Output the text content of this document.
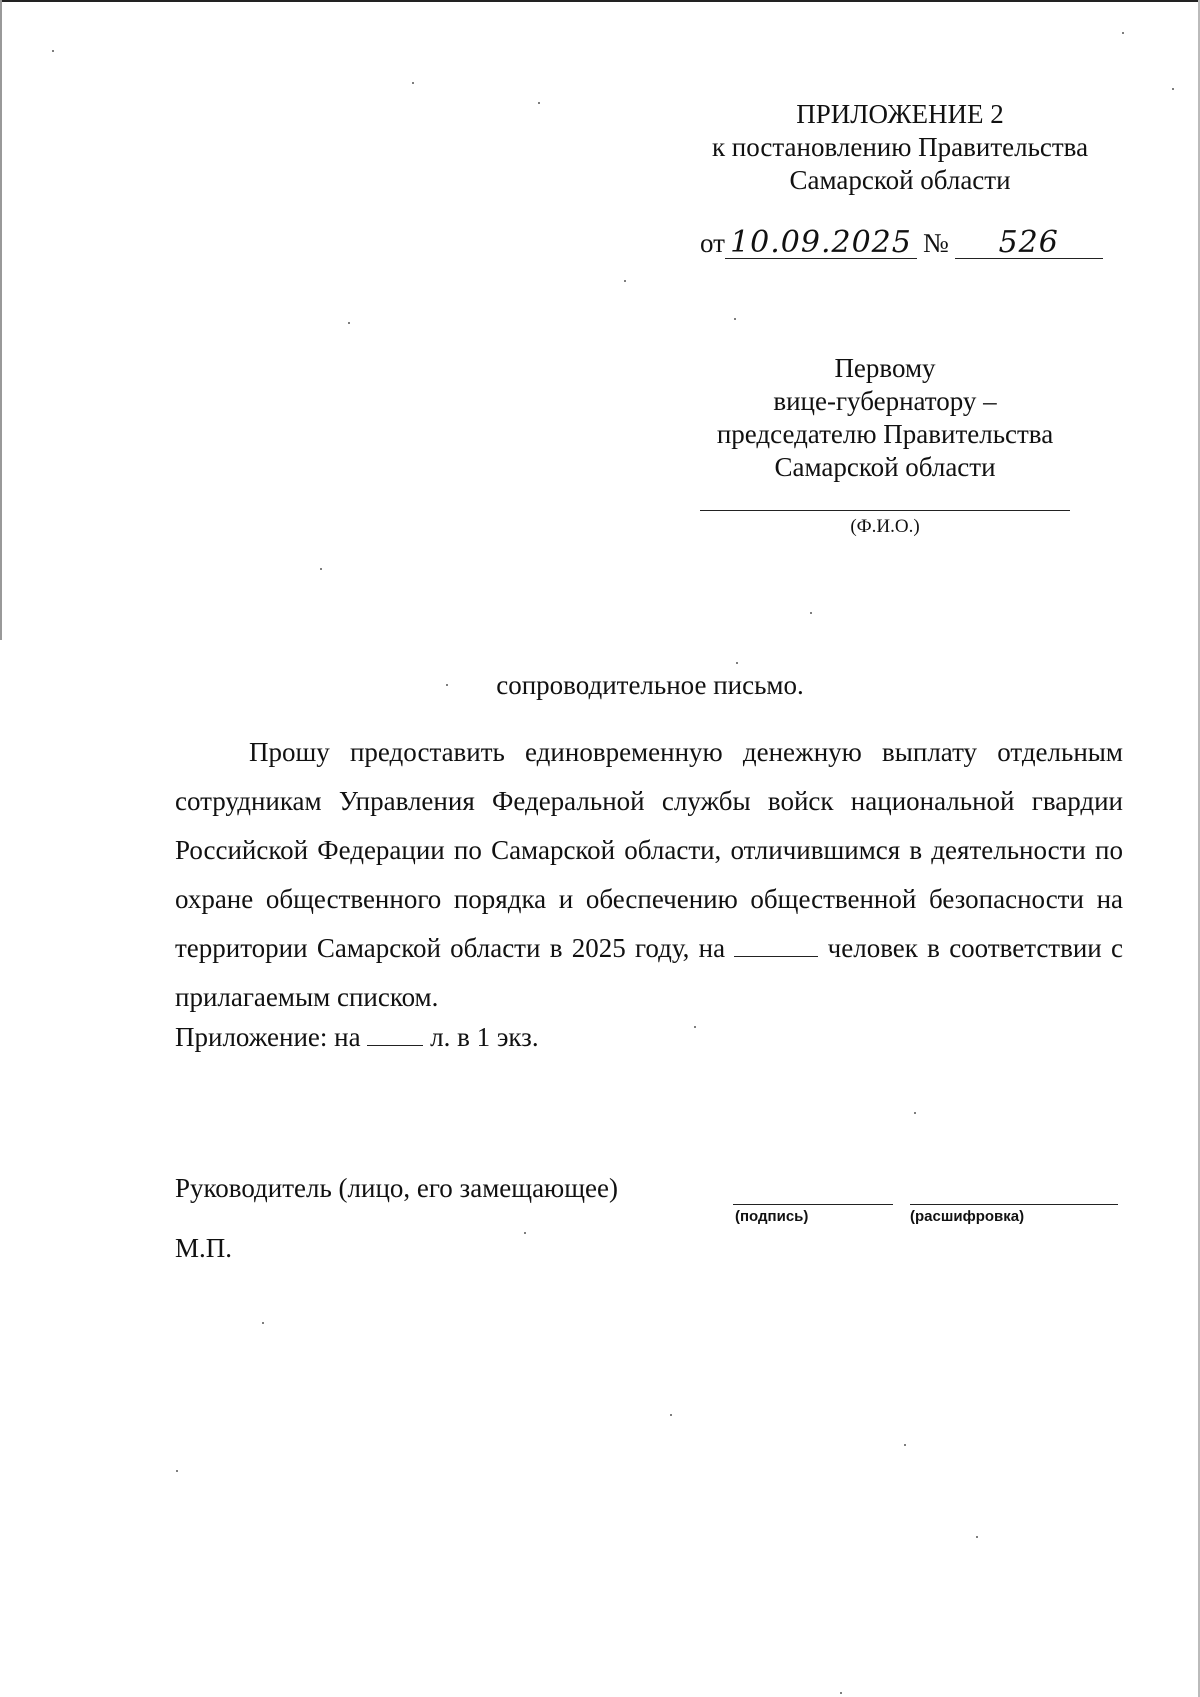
ПРИЛОЖЕНИЕ 2
к постановлению Правительства
Самарской области
от 10.09.2025 № 526
Первому
вице-губернатору –
председателю Правительства
Самарской области
(Ф.И.О.)
сопроводительное письмо.
Прошу предоставить единовременную денежную выплату отдельным сотрудникам Управления Федеральной службы войск национальной гвардии Российской Федерации по Самарской области, отличившимся в деятельности по охране общественного порядка и обеспечению общественной безопасности на территории Самарской области в 2025 году, на	человек в соответствии с прилагаемым списком.
Приложение: на	л. в 1 экз.
Руководитель (лицо, его замещающее)
(подпись)	(расшифровка)
М.П.
